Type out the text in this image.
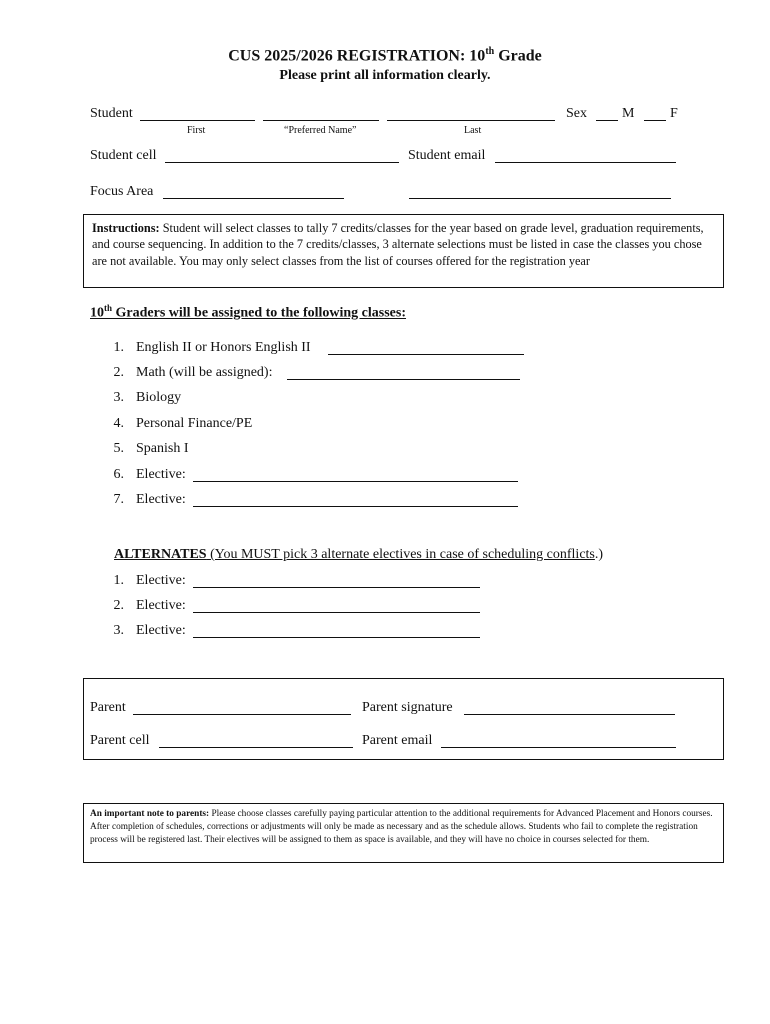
CUS 2025/2026 REGISTRATION: 10th Grade
Please print all information clearly.
Student	Sex	M	F
First	“Preferred Name”	Last
Student cell	Student email
Focus Area
Instructions: Student will select classes to tally 7 credits/classes for the year based on grade level, graduation requirements, and course sequencing. In addition to the 7 credits/classes, 3 alternate selections must be listed in case the classes you chose are not available. You may only select classes from the list of courses offered for the registration year
10th Graders will be assigned to the following classes:
1. English II or Honors English II
2. Math (will be assigned):
3. Biology
4. Personal Finance/PE
5. Spanish I
6. Elective:
7. Elective:
ALTERNATES (You MUST pick 3 alternate electives in case of scheduling conflicts.)
1. Elective:
2. Elective:
3. Elective:
Parent	Parent signature
Parent cell	Parent email
An important note to parents: Please choose classes carefully paying particular attention to the additional requirements for Advanced Placement and Honors courses. After completion of schedules, corrections or adjustments will only be made as necessary and as the schedule allows. Students who fail to complete the registration process will be registered last. Their electives will be assigned to them as space is available, and they will have no choice in courses selected for them.
